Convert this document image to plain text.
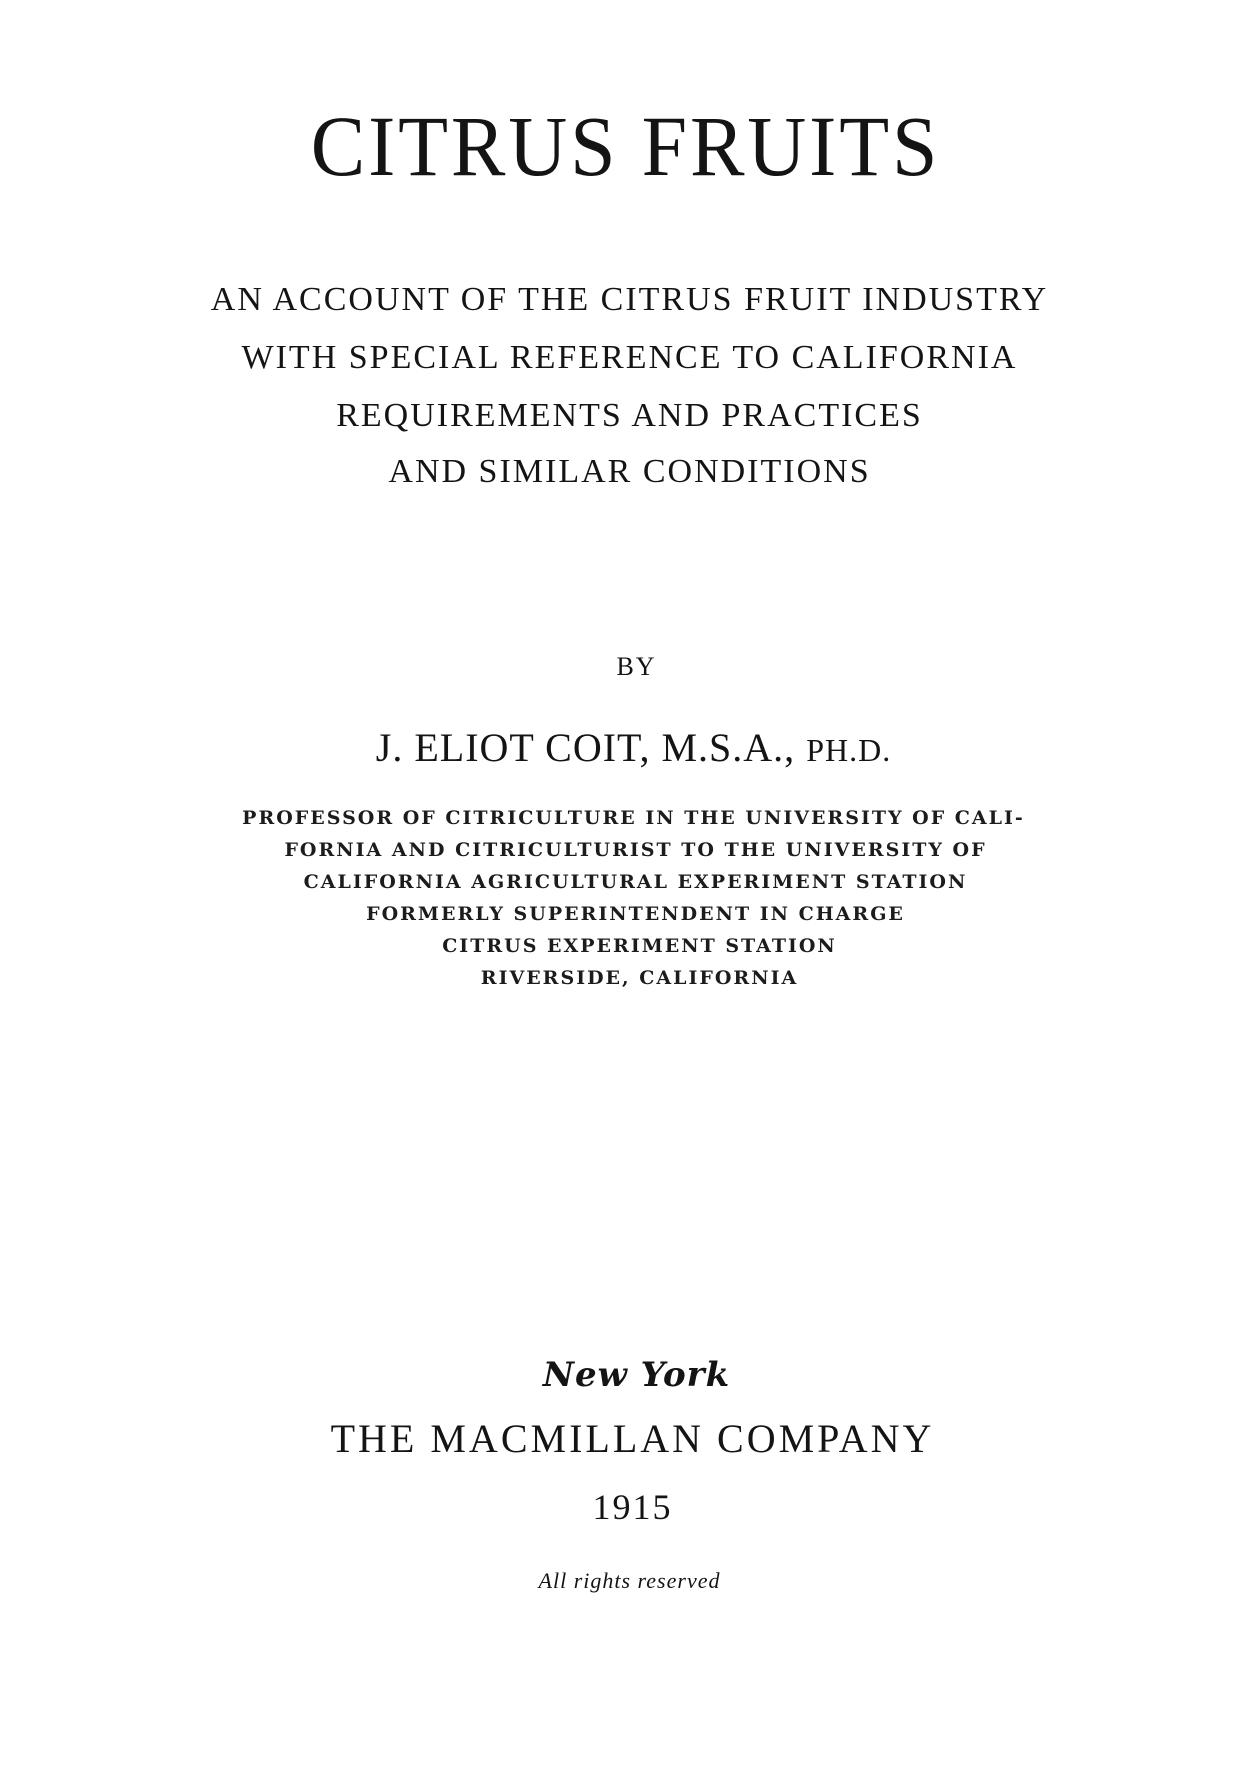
CITRUS FRUITS

AN ACCOUNT OF THE CITRUS FRUIT INDUSTRY

WITH SPECIAL REFERENCE TO CALIFORNIA

REQUIREMENTS AND PRACTICES

AND SIMILAR CONDITIONS

BY

J. ELIOT COIT, M.S.A., PH.D.

PROFESSOR OF CITRICULTURE IN THE UNIVERSITY OF CALI-

FORNIA AND CITRICULTURIST TO THE UNIVERSITY OF

CALIFORNIA AGRICULTURAL EXPERIMENT STATION

FORMERLY SUPERINTENDENT IN CHARGE

CITRUS EXPERIMENT STATION

RIVERSIDE, CALIFORNIA

New York

THE MACMILLAN COMPANY

1915

All rights reserved
